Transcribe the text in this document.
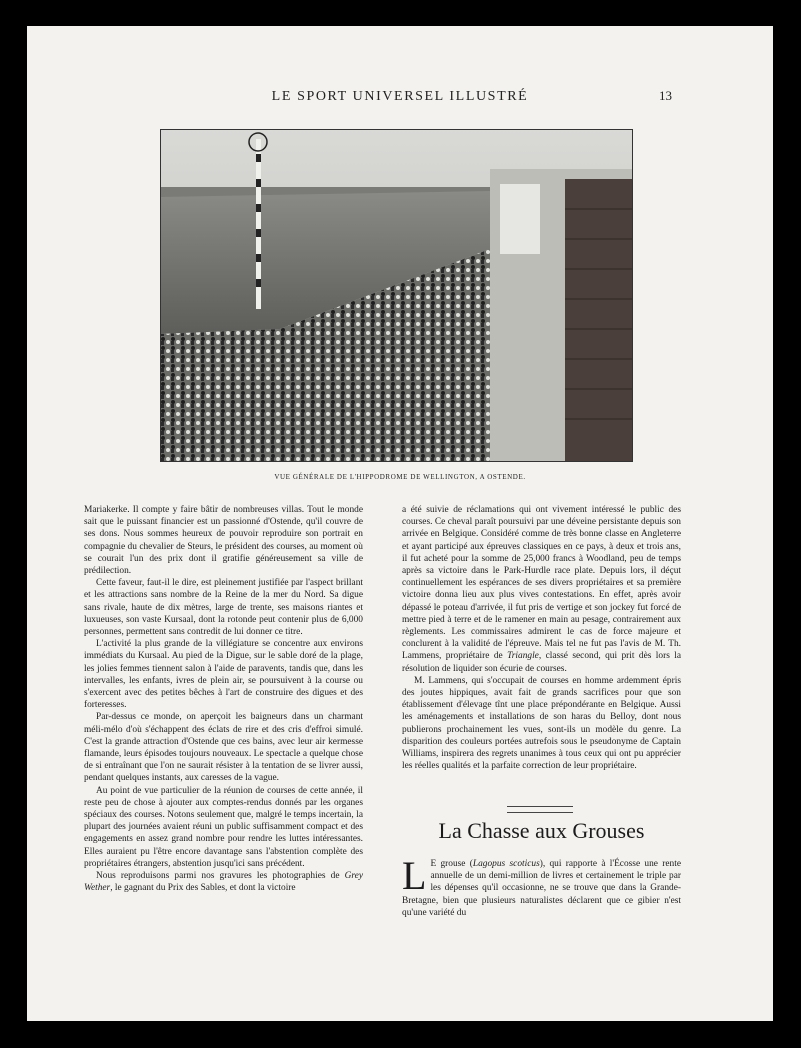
LE SPORT UNIVERSEL ILLUSTRÉ	13
VUE GÉNÉRALE DE L'HIPPODROME DE WELLINGTON, A OSTENDE.

Mariakerke. Il compte y faire bâtir de nombreuses villas. Tout le monde sait que le puissant financier est un passionné d'Ostende, qu'il couvre de ses dons. Nous sommes heureux de pouvoir reproduire son portrait en compagnie du chevalier de Steurs, le président des courses, au moment où se courait l'un des prix dont il gratifie généreusement sa ville de prédilection.

Cette faveur, faut-il le dire, est pleinement justifiée par l'aspect brillant et les attractions sans nombre de la Reine de la mer du Nord. Sa digue sans rivale, haute de dix mètres, large de trente, ses maisons riantes et luxueuses, son vaste Kursaal, dont la rotonde peut contenir plus de 6,000 personnes, permettent sans contredit de lui donner ce titre.

L'activité la plus grande de la villégiature se concentre aux environs immédiats du Kursaal. Au pied de la Digue, sur le sable doré de la plage, les jolies femmes tiennent salon à l'aide de paravents, tandis que, dans les intervalles, les enfants, ivres de plein air, se poursuivent à la course ou s'exercent avec des petites bêches à l'art de construire des digues et des forteresses.

Par-dessus ce monde, on aperçoit les baigneurs dans un charmant méli-mélo d'où s'échappent des éclats de rire et des cris d'effroi simulé. C'est la grande attraction d'Ostende que ces bains, avec leur air kermesse flamande, leurs épisodes toujours nouveaux. Le spectacle a quelque chose de si entraînant que l'on ne saurait résister à la tentation de se livrer aussi, pendant quelques instants, aux caresses de la vague.

Au point de vue particulier de la réunion de courses de cette année, il reste peu de chose à ajouter aux comptes-rendus donnés par les organes spéciaux des courses. Notons seulement que, malgré le temps incertain, la plupart des journées avaient réuni un public suffisamment compact et des engagements en assez grand nombre pour rendre les luttes intéressantes. Elles auraient pu l'être encore davantage sans l'abstention complète des propriétaires étrangers, abstention jusqu'ici sans précédent.

Nous reproduisons parmi nos gravures les photographies de Grey Wether, le gagnant du Prix des Sables, et dont la victoire

a été suivie de réclamations qui ont vivement intéressé le public des courses. Ce cheval paraît poursuivi par une déveine persistante depuis son arrivée en Belgique. Considéré comme de très bonne classe en Angleterre et ayant participé aux épreuves classiques en ce pays, à deux et trois ans, il fut acheté pour la somme de 25,000 francs à Woodland, peu de temps après sa victoire dans le Park-Hurdle race plate. Depuis lors, il déçut continuellement les espérances de ses divers propriétaires et sa première victoire donna lieu aux plus vives contestations. En effet, après avoir dépassé le poteau d'arrivée, il fut pris de vertige et son jockey fut forcé de mettre pied à terre et de le ramener en main au pesage, contrairement aux règlements. Les commissaires admirent le cas de force majeure et conclurent à la validité de l'épreuve. Mais tel ne fut pas l'avis de M. Th. Lammens, propriétaire de Triangle, classé second, qui prit dès lors la résolution de liquider son écurie de courses.

M. Lammens, qui s'occupait de courses en homme ardemment épris des joutes hippiques, avait fait de grands sacrifices pour que son établissement d'élevage tînt une place prépondérante en Belgique. Aussi les aménagements et installations de son haras du Belloy, dont nous publierons prochainement les vues, sont-ils un modèle du genre. La disparition des couleurs portées autrefois sous le pseudonyme de Captain Williams, inspirera des regrets unanimes à tous ceux qui ont pu apprécier les réelles qualités et la parfaite correction de leur propriétaire.

La Chasse aux Grouses
L E grouse (Lagopus scoticus), qui rapporte à l'Écosse une rente annuelle de un demi-million de livres et certainement le triple par les dépenses qu'il occasionne, ne se trouve que dans la Grande-Bretagne, bien que plusieurs naturalistes déclarent que ce gibier n'est qu'une variété du
